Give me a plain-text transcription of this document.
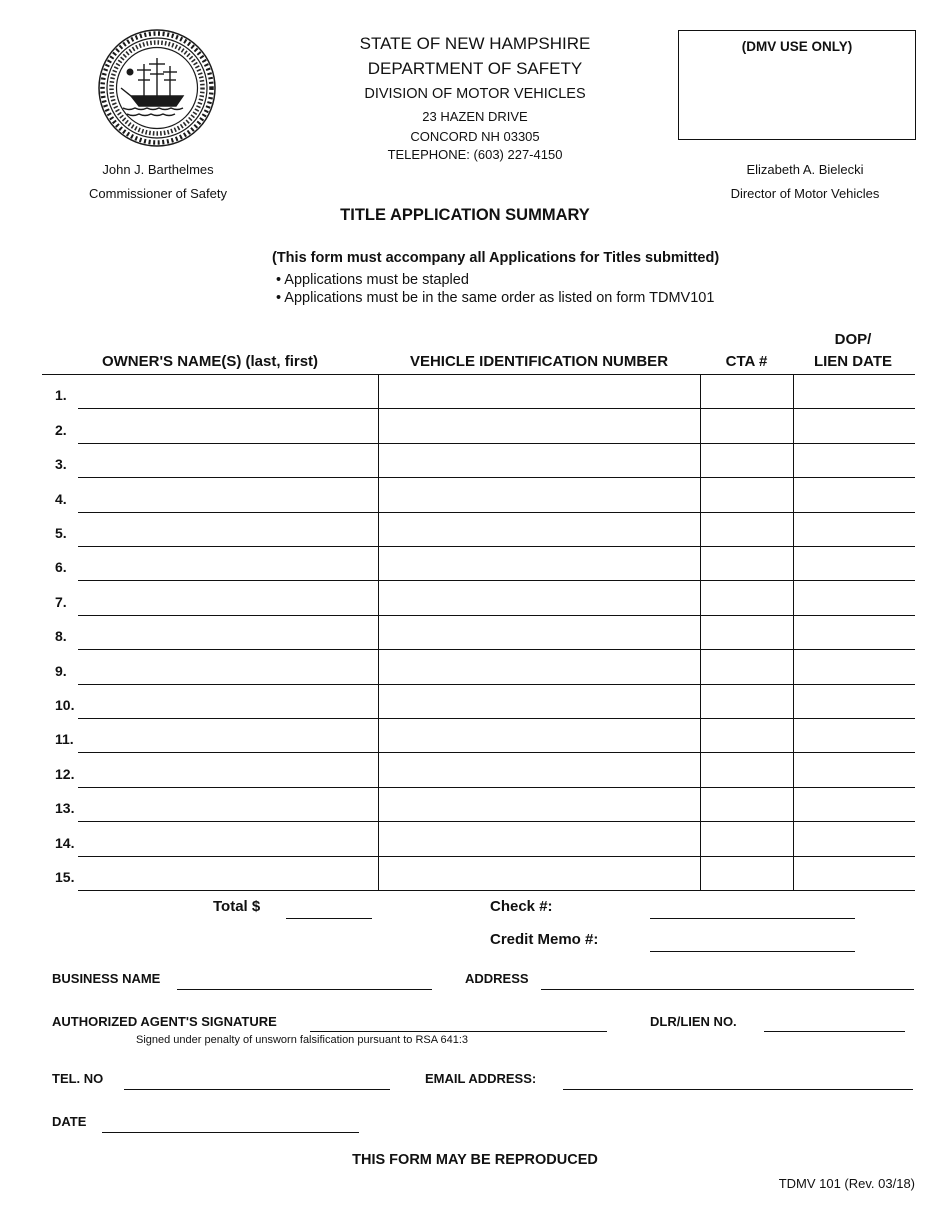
STATE OF NEW HAMPSHIRE
DEPARTMENT OF SAFETY
DIVISION OF MOTOR VEHICLES
23 HAZEN DRIVE
CONCORD NH 03305
TELEPHONE: (603) 227-4150
(DMV USE ONLY)
John J. Barthelmes
Commissioner of Safety
Elizabeth A. Bielecki
Director of Motor Vehicles
TITLE APPLICATION SUMMARY
(This form must accompany all Applications for Titles submitted)
• Applications must be stapled
• Applications must be in the same order as listed on form TDMV101
DOP/
OWNER'S NAME(S) (last, first)	VEHICLE IDENTIFICATION NUMBER	CTA #	LIEN DATE
1.
2.
3.
4.
5.
6.
7.
8.
9.
10.
11.
12.
13.
14.
15.
Total $	Check #:
Credit Memo #:
BUSINESS NAME	ADDRESS
AUTHORIZED AGENT'S SIGNATURE	DLR/LIEN NO.
Signed under penalty of unsworn falsification pursuant to RSA 641:3
TEL. NO	EMAIL ADDRESS:
DATE
THIS FORM MAY BE REPRODUCED
TDMV 101 (Rev. 03/18)
